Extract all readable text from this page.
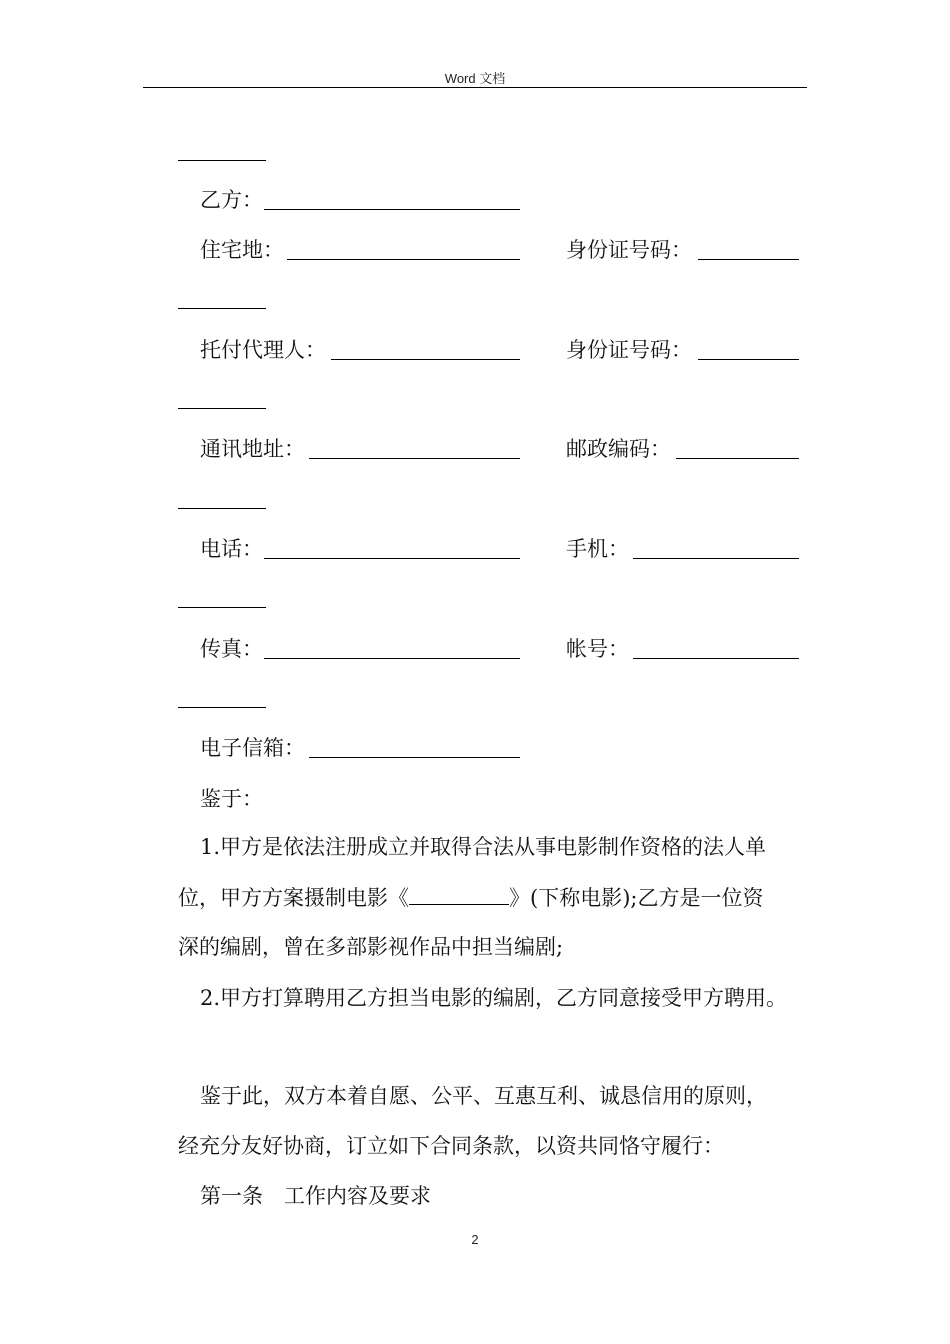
Word 文档
乙方：
住宅地：	身份证号码：
托付代理人：	身份证号码：
通讯地址：	邮政编码：
电话：	手机：
传真：	帐号：
电子信箱：
鉴于：
1.甲方是依法注册成立并取得合法从事电影制作资格的法人单
位，甲方方案摄制电影《	》(下称电影);乙方是一位资
深的编剧，曾在多部影视作品中担当编剧;
2.甲方打算聘用乙方担当电影的编剧，乙方同意接受甲方聘用。
鉴于此，双方本着自愿、公平、互惠互利、诚恳信用的原则，
经充分友好协商，订立如下合同条款，以资共同恪守履行：
第一条　工作内容及要求
2
